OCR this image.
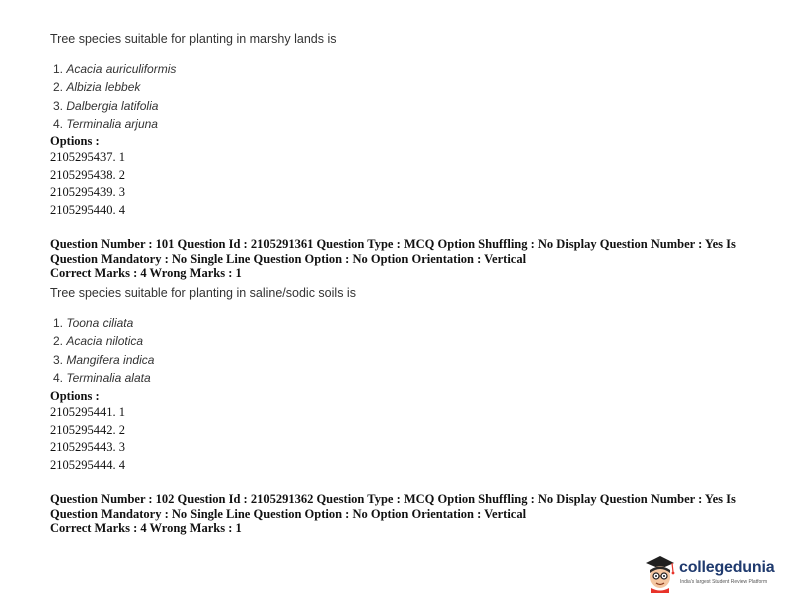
Tree species suitable for planting in marshy lands is
1. Acacia auriculiformis
2. Albizia lebbek
3. Dalbergia latifolia
4. Terminalia arjuna
Options :
2105295437. 1
2105295438. 2
2105295439. 3
2105295440. 4
Question Number : 101 Question Id : 2105291361 Question Type : MCQ Option Shuffling : No Display Question Number : Yes Is
Question Mandatory : No Single Line Question Option : No Option Orientation : Vertical
Correct Marks : 4 Wrong Marks : 1
Tree species suitable for planting in saline/sodic soils is
1. Toona ciliata
2. Acacia nilotica
3. Mangifera indica
4. Terminalia alata
Options :
2105295441. 1
2105295442. 2
2105295443. 3
2105295444. 4
Question Number : 102 Question Id : 2105291362 Question Type : MCQ Option Shuffling : No Display Question Number : Yes Is
Question Mandatory : No Single Line Question Option : No Option Orientation : Vertical
Correct Marks : 4 Wrong Marks : 1
collegedunia
India's largest Student Review Platform
